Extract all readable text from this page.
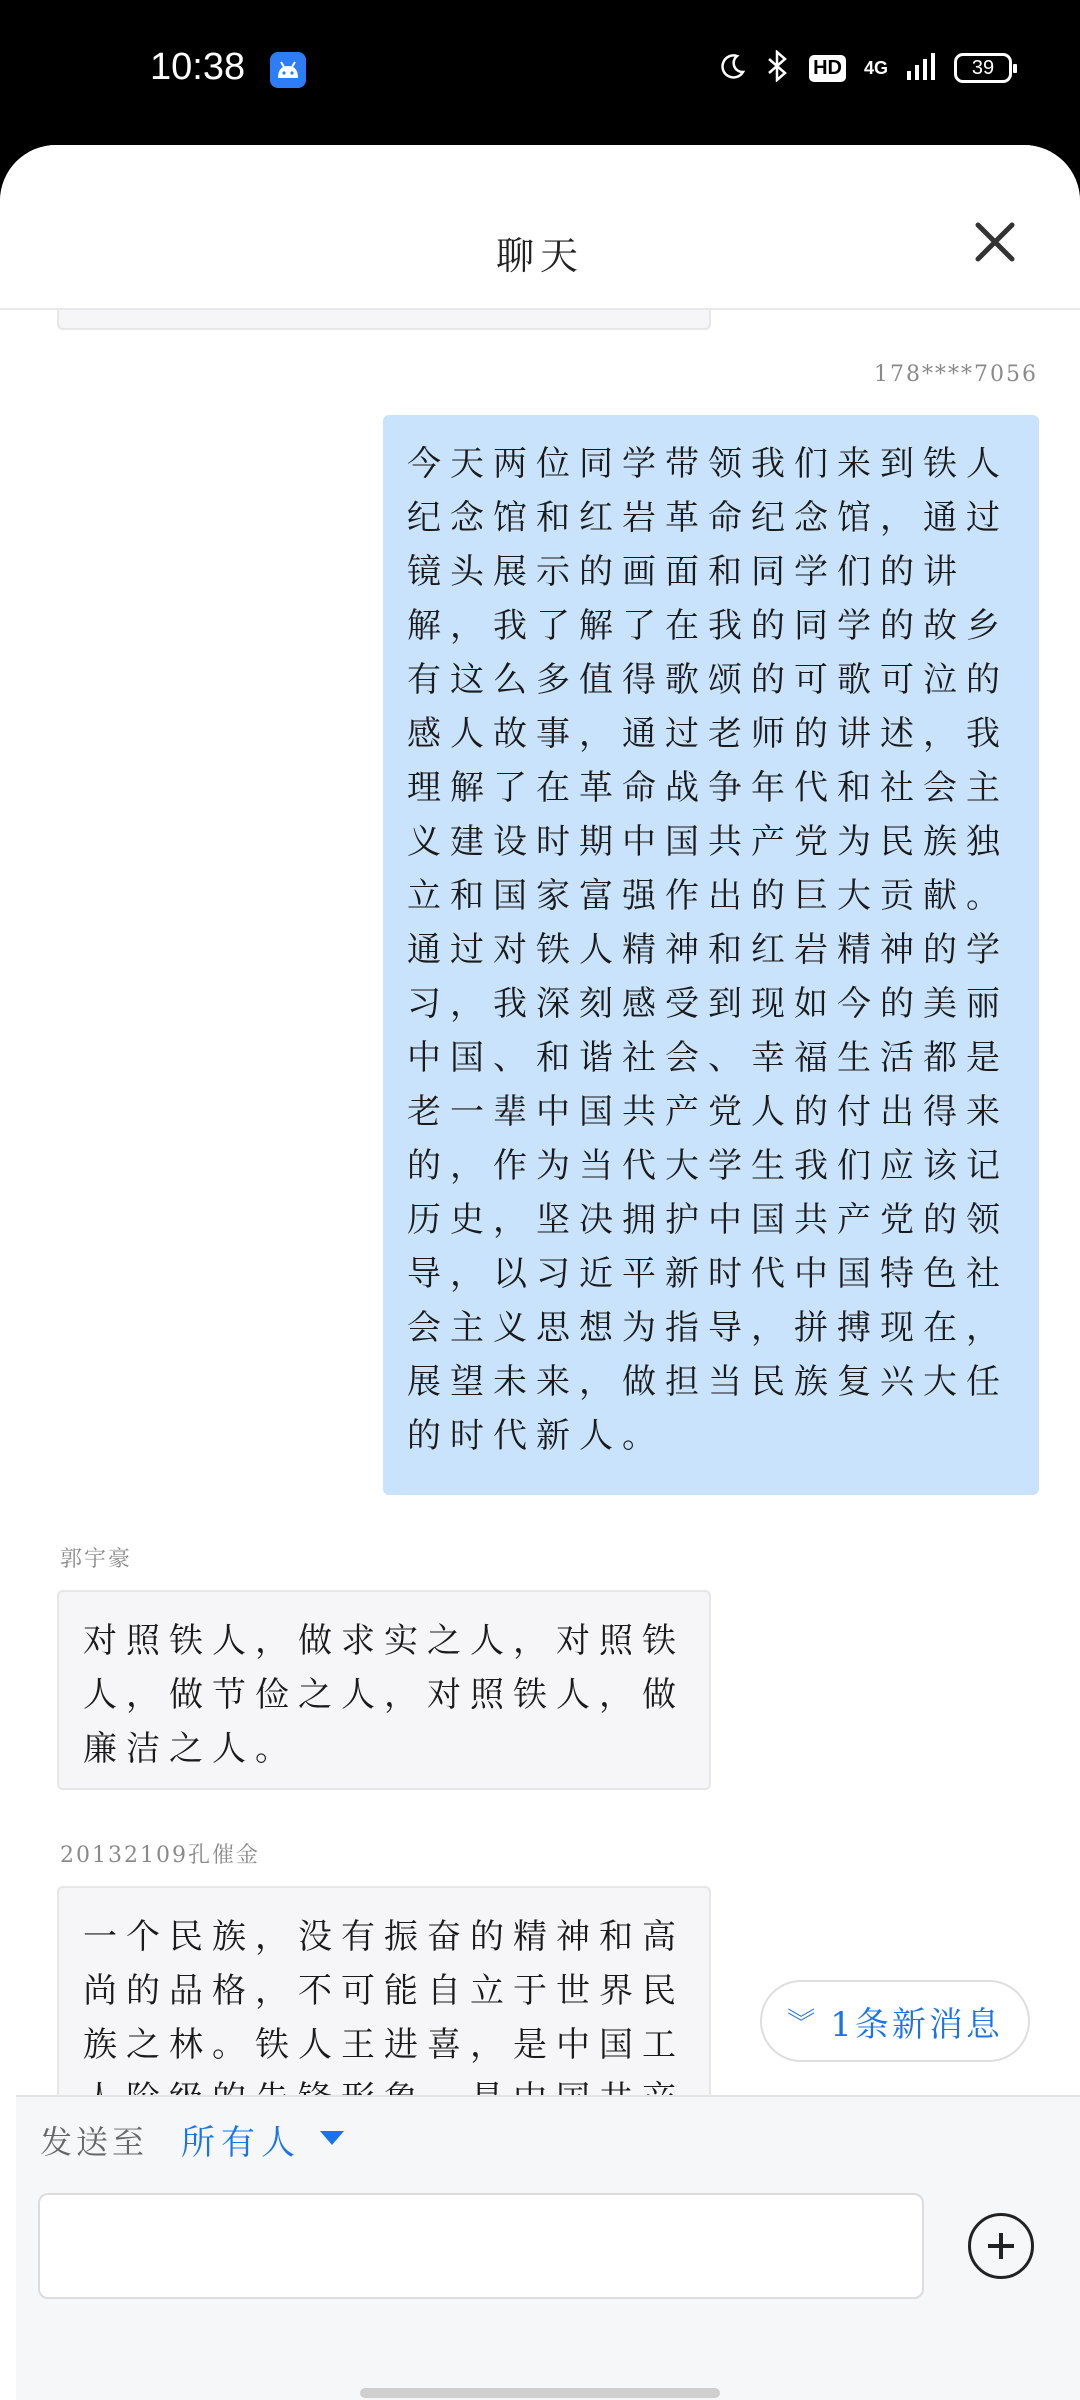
10:38	HD 4G	39
聊天
178****7056
今天两位同学带领我们来到铁人纪念馆和红岩革命纪念馆，通过镜头展示的画面和同学们的讲解，我了解了在我的同学的故乡有这么多值得歌颂的可歌可泣的感人故事，通过老师的讲述，我理解了在革命战争年代和社会主义建设时期中国共产党为民族独立和国家富强作出的巨大贡献。通过对铁人精神和红岩精神的学习，我深刻感受到现如今的美丽中国、和谐社会、幸福生活都是老一辈中国共产党人的付出得来的，作为当代大学生我们应该记历史，坚决拥护中国共产党的领导，以习近平新时代中国特色社会主义思想为指导，拼搏现在，展望未来，做担当民族复兴大任的时代新人。
郭宇豪
对照铁人，做求实之人，对照铁人，做节俭之人，对照铁人，做廉洁之人。
20132109孔催金
一个民族，没有振奋的精神和高尚的品格，不可能自立于世界民族之林。铁人王进喜，是中国工
︾ 1条新消息
发送至 所有人
